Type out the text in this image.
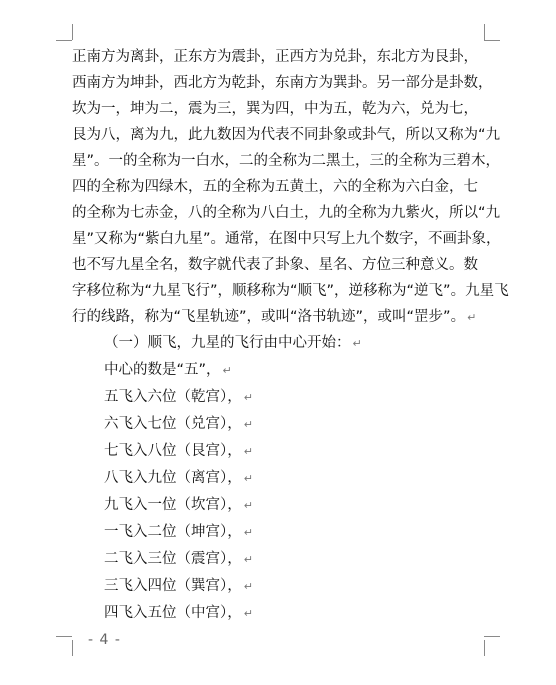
正南方为离卦，正东方为震卦，正西方为兑卦，东北方为艮卦，
西南方为坤卦，西北方为乾卦，东南方为巽卦。另一部分是卦数，
坎为一，坤为二，震为三，巽为四，中为五，乾为六，兑为七，
艮为八，离为九，此九数因为代表不同卦象或卦气，所以又称为“九
星”。一的全称为一白水，二的全称为二黑土，三的全称为三碧木，
四的全称为四绿木，五的全称为五黄土，六的全称为六白金，七
的全称为七赤金，八的全称为八白土，九的全称为九紫火，所以“九
星”又称为“紫白九星”。通常，在图中只写上九个数字，不画卦象，
也不写九星全名，数字就代表了卦象、星名、方位三种意义。数
字移位称为“九星飞行”，顺移称为“顺飞”，逆移称为“逆飞”。九星飞
行的线路，称为“飞星轨迹”，或叫“洛书轨迹”，或叫“罡步”。 ↵
（一）顺飞，九星的飞行由中心开始： ↵
中心的数是“五”， ↵
五飞入六位（乾宫）， ↵
六飞入七位（兑宫）， ↵
七飞入八位（艮宫）， ↵
八飞入九位（离宫）， ↵
九飞入一位（坎宫）， ↵
一飞入二位（坤宫）， ↵
二飞入三位（震宫）， ↵
三飞入四位（巽宫）， ↵
四飞入五位（中宫）， ↵
- 4 -
